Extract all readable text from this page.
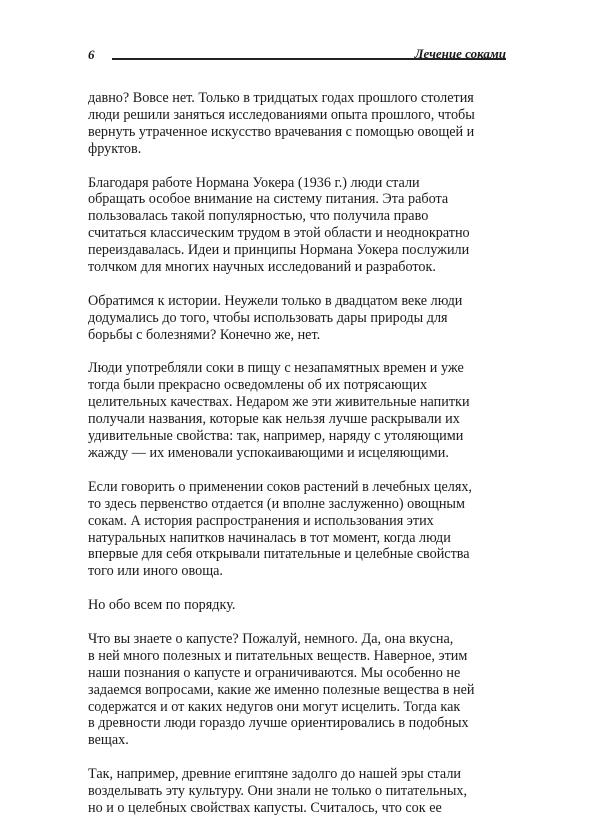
6	Лечение соками

давно? Вовсе нет. Только в тридцатых годах прошлого столетия
люди решили заняться исследованиями опыта прошлого, чтобы
вернуть утраченное искусство врачевания с помощью овощей и
фруктов.

Благодаря работе Нормана Уокера (1936 г.) люди стали
обращать особое внимание на систему питания. Эта работа
пользовалась такой популярностью, что получила право
считаться классическим трудом в этой области и неоднократно
переиздавалась. Идеи и принципы Нормана Уокера послужили
толчком для многих научных исследований и разработок.

Обратимся к истории. Неужели только в двадцатом веке люди
додумались до того, чтобы использовать дары природы для
борьбы с болезнями? Конечно же, нет.

Люди употребляли соки в пищу с незапамятных времен и уже
тогда были прекрасно осведомлены об их потрясающих
целительных качествах. Недаром же эти живительные напитки
получали названия, которые как нельзя лучше раскрывали их
удивительные свойства: так, например, наряду с утоляющими
жажду — их именовали успокаивающими и исцеляющими.

Если говорить о применении соков растений в лечебных целях,
то здесь первенство отдается (и вполне заслуженно) овощным
сокам. А история распространения и использования этих
натуральных напитков начиналась в тот момент, когда люди
впервые для себя открывали питательные и целебные свойства
того или иного овоща.

Но обо всем по порядку.

Что вы знаете о капусте? Пожалуй, немного. Да, она вкусна,
в ней много полезных и питательных веществ. Наверное, этим
наши познания о капусте и ограничиваются. Мы особенно не
задаемся вопросами, какие же именно полезные вещества в ней
содержатся и от каких недугов они могут исцелить. Тогда как
в древности люди гораздо лучше ориентировались в подобных
вещах.

Так, например, древние египтяне задолго до нашей эры стали
возделывать эту культуру. Они знали не только о питательных,
но и о целебных свойствах капусты. Считалось, что сок ее
